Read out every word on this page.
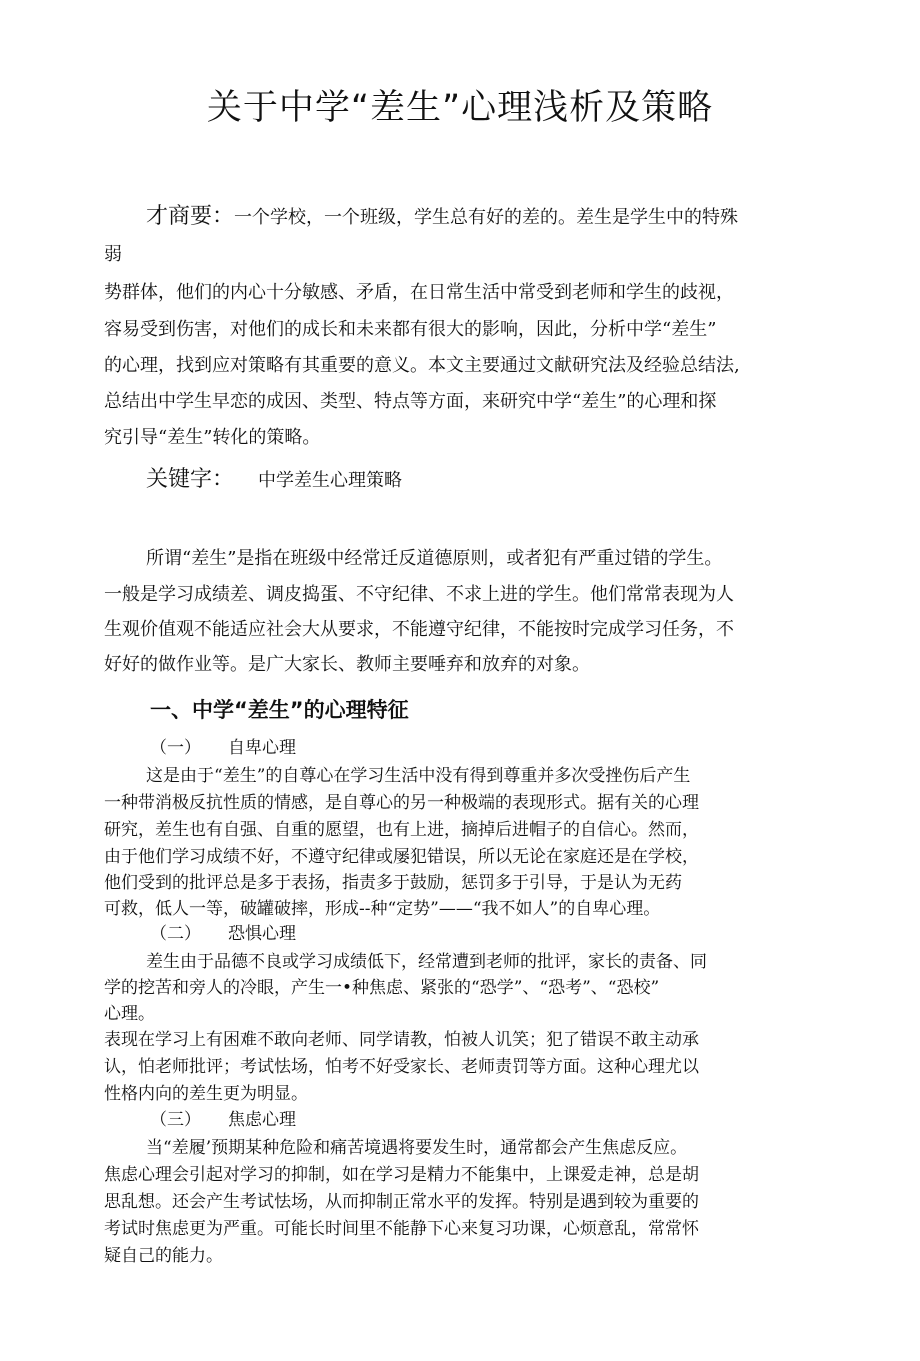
关于中学“差生”心理浅析及策略
才商要：一个学校，一个班级，学生总有好的差的。差生是学生中的特殊
弱
势群体，他们的内心十分敏感、矛盾，在日常生活中常受到老师和学生的歧视，
容易受到伤害，对他们的成长和未来都有很大的影响，因此，分析中学“差生”
的心理，找到应对策略有其重要的意义。本文主要通过文献研究法及经验总结法,
总结出中学生早恋的成因、类型、特点等方面，来研究中学“差生”的心理和探
究引导“差生”转化的策略。
关键字： 中学差生心理策略
所谓“差生”是指在班级中经常迁反道德原则，或者犯有严重过错的学生。
一般是学习成绩差、调皮捣蛋、不守纪律、不求上进的学生。他们常常表现为人
生观价值观不能适应社会大从要求，不能遵守纪律，不能按时完成学习任务，不
好好的做作业等。是广大家长、教师主要唾弃和放弃的对象。
一、中学“差生”的心理特征
（一） 自卑心理
这是由于“差生”的自尊心在学习生活中没有得到尊重并多次受挫伤后产生
一种带消极反抗性质的情感，是自尊心的另一种极端的表现形式。据有关的心理
研究，差生也有自强、自重的愿望，也有上进，摘掉后进帽子的自信心。然而，
由于他们学习成绩不好，不遵守纪律或屡犯错误，所以无论在家庭还是在学校，
他们受到的批评总是多于表扬，指责多于鼓励，惩罚多于引导，于是认为无药
可救，低人一等，破罐破摔，形成--种“定势”——“我不如人”的自卑心理。
（二） 恐惧心理
差生由于品德不良或学习成绩低下，经常遭到老师的批评，家长的责备、同
学的挖苦和旁人的冷眼，产生一•种焦虑、紧张的“恐学”、“恐考”、“恐校”
心理。
表现在学习上有困难不敢向老师、同学请教，怕被人讥笑；犯了错误不敢主动承
认，怕老师批评；考试怯场，怕考不好受家长、老师责罚等方面。这种心理尤以
性格内向的差生更为明显。
（三） 焦虑心理
当“差履’预期某种危险和痛苦境遇将要发生时，通常都会产生焦虑反应。
焦虑心理会引起对学习的抑制，如在学习是精力不能集中，上课爱走神，总是胡
思乱想。还会产生考试怯场，从而抑制正常水平的发挥。特别是遇到较为重要的
考试时焦虑更为严重。可能长时间里不能静下心来复习功课，心烦意乱，常常怀
疑自己的能力。
